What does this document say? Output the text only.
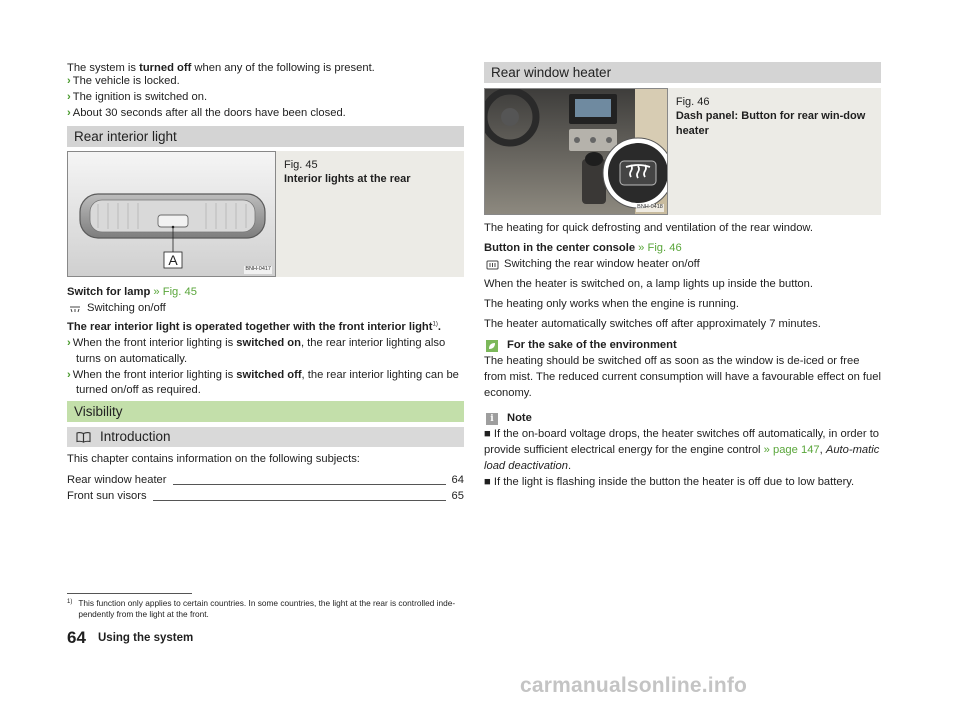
The system is turned off when any of the following is present.

› The vehicle is locked.
› The ignition is switched on.
› About 30 seconds after all the doors have been closed.
Rear interior light
A
BNH-0417
Fig. 45
Interior lights at the rear
Switch for lamp » Fig. 45
Switching on/off
The rear interior light is operated together with the front interior light$^{1)}$.
› When the front interior lighting is switched on, the rear interior lighting also turns on automatically.
› When the front interior lighting is switched off, the rear interior lighting can be turned on/off as required.
Visibility
Introduction

This chapter contains information on the following subjects:

Rear window heater	64
Front sun visors	65
Rear window heater
BNH-0418
Fig. 46
Dash panel: Button for rear win-dow heater

The heating for quick defrosting and ventilation of the rear window.

Button in the center console » Fig. 46

Switching the rear window heater on/off

When the heater is switched on, a lamp lights up inside the button.

The heating only works when the engine is running.

The heater automatically switches off after approximately 7 minutes.

For the sake of the environment

The heating should be switched off as soon as the window is de-iced or free from mist. The reduced current consumption will have a favourable effect on fuel economy.

i	Note

■ If the on-board voltage drops, the heater switches off automatically, in order to provide sufficient electrical energy for the engine control » page 147, Auto-matic load deactivation.

■ If the light is flashing inside the button the heater is off due to low battery.

1) This function only applies to certain countries. In some countries, the light at the rear is controlled inde-pendently from the light at the front.
64 Using the system
carmanualsonline.info
